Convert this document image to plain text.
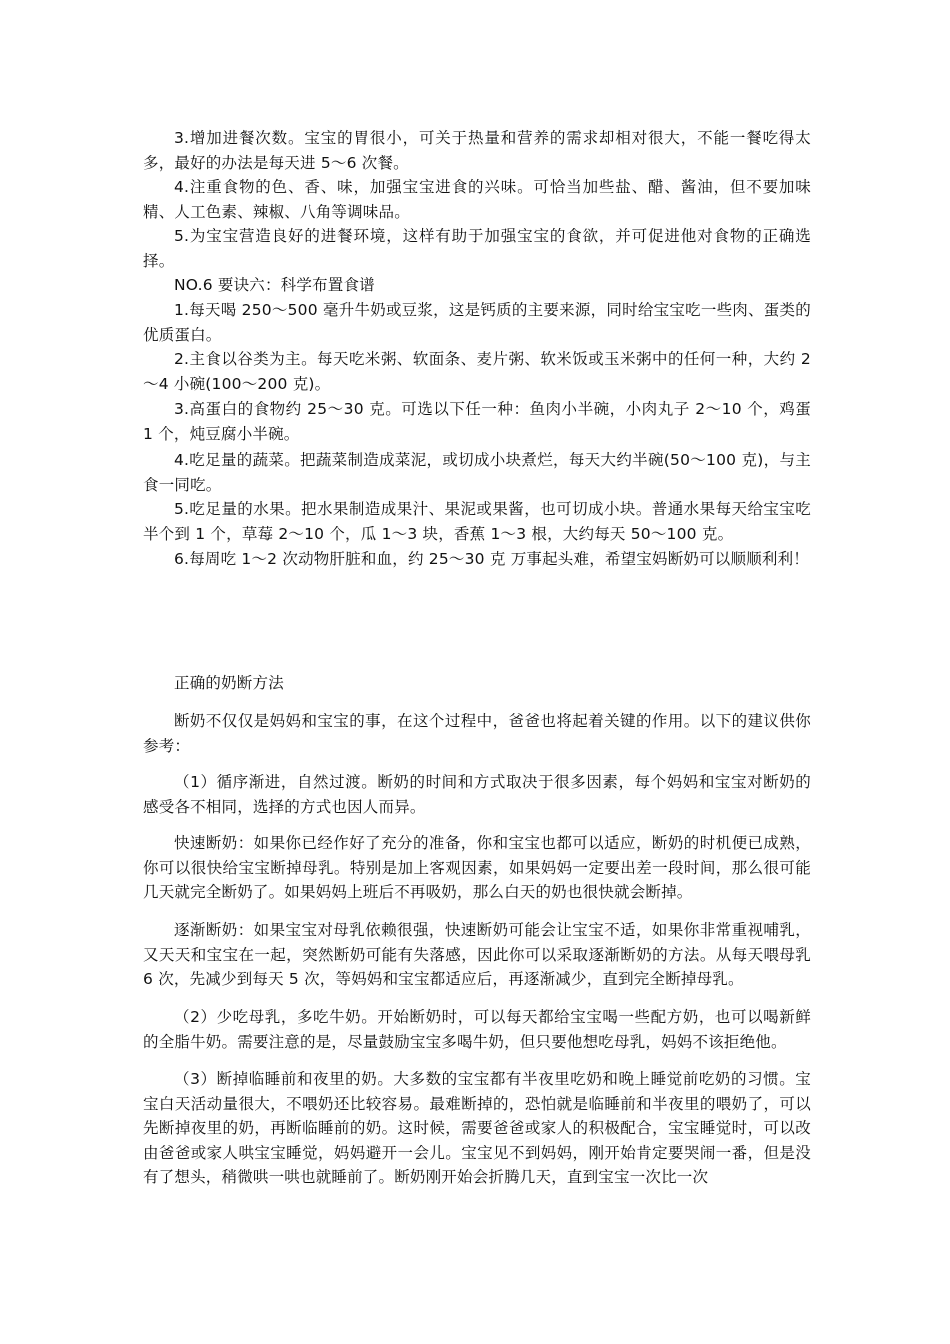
3.增加进餐次数。宝宝的胃很小，可关于热量和营养的需求却相对很大，不能一餐吃得太多，最好的办法是每天进 5～6 次餐。

4.注重食物的色、香、味，加强宝宝进食的兴味。可恰当加些盐、醋、酱油，但不要加味精、人工色素、辣椒、八角等调味品。

5.为宝宝营造良好的进餐环境，这样有助于加强宝宝的食欲，并可促进他对食物的正确选择。

NO.6 要诀六：科学布置食谱

1.每天喝 250～500 毫升牛奶或豆浆，这是钙质的主要来源，同时给宝宝吃一些肉、蛋类的优质蛋白。

2.主食以谷类为主。每天吃米粥、软面条、麦片粥、软米饭或玉米粥中的任何一种，大约 2～4 小碗(100～200 克)。

3.高蛋白的食物约 25～30 克。可选以下任一种：鱼肉小半碗，小肉丸子 2～10 个，鸡蛋 1 个，炖豆腐小半碗。

4.吃足量的蔬菜。把蔬菜制造成菜泥，或切成小块煮烂，每天大约半碗(50～100 克)，与主食一同吃。

5.吃足量的水果。把水果制造成果汁、果泥或果酱，也可切成小块。普通水果每天给宝宝吃半个到 1 个，草莓 2～10 个，瓜 1～3 块，香蕉 1～3 根，大约每天 50～100 克。

6.每周吃 1～2 次动物肝脏和血，约 25～30 克 万事起头难，希望宝妈断奶可以顺顺利利！

正确的奶断方法

断奶不仅仅是妈妈和宝宝的事，在这个过程中，爸爸也将起着关键的作用。以下的建议供你参考：

（1）循序渐进，自然过渡。断奶的时间和方式取决于很多因素，每个妈妈和宝宝对断奶的感受各不相同，选择的方式也因人而异。

快速断奶：如果你已经作好了充分的准备，你和宝宝也都可以适应，断奶的时机便已成熟，你可以很快给宝宝断掉母乳。特别是加上客观因素，如果妈妈一定要出差一段时间，那么很可能几天就完全断奶了。如果妈妈上班后不再吸奶，那么白天的奶也很快就会断掉。

逐渐断奶：如果宝宝对母乳依赖很强，快速断奶可能会让宝宝不适，如果你非常重视哺乳，又天天和宝宝在一起，突然断奶可能有失落感，因此你可以采取逐渐断奶的方法。从每天喂母乳 6 次，先减少到每天 5 次，等妈妈和宝宝都适应后，再逐渐减少，直到完全断掉母乳。

（2）少吃母乳，多吃牛奶。开始断奶时，可以每天都给宝宝喝一些配方奶，也可以喝新鲜的全脂牛奶。需要注意的是，尽量鼓励宝宝多喝牛奶，但只要他想吃母乳，妈妈不该拒绝他。

（3）断掉临睡前和夜里的奶。大多数的宝宝都有半夜里吃奶和晚上睡觉前吃奶的习惯。宝宝白天活动量很大，不喂奶还比较容易。最难断掉的，恐怕就是临睡前和半夜里的喂奶了，可以先断掉夜里的奶，再断临睡前的奶。这时候，需要爸爸或家人的积极配合，宝宝睡觉时，可以改由爸爸或家人哄宝宝睡觉，妈妈避开一会儿。宝宝见不到妈妈，刚开始肯定要哭闹一番，但是没有了想头，稍微哄一哄也就睡前了。断奶刚开始会折腾几天，直到宝宝一次比一次
